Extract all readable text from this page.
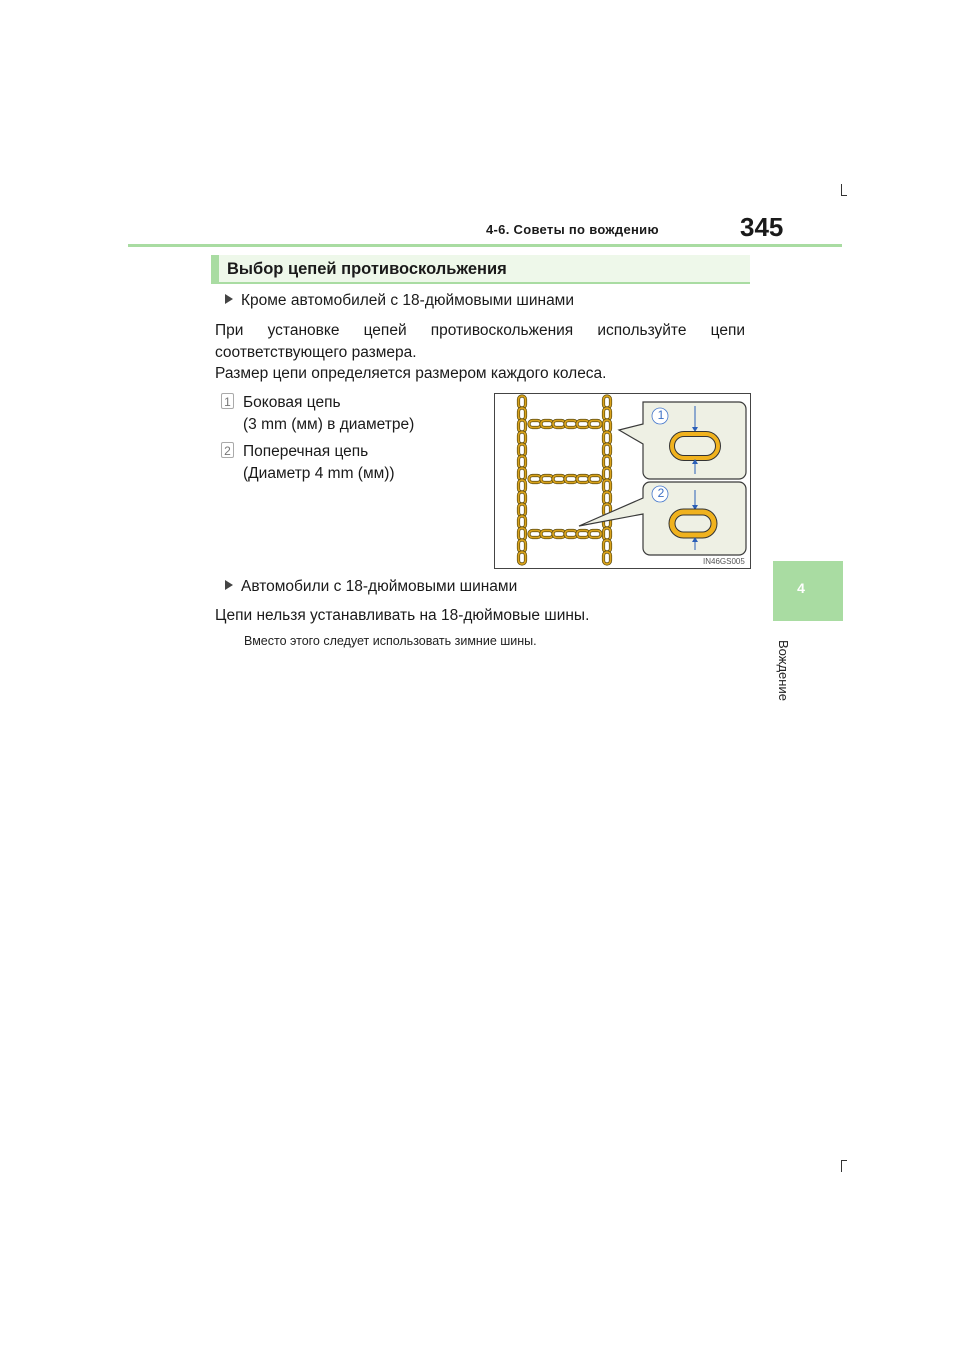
4-6. Советы по вождению	345
4
Вождение
Выбор цепей противоскольжения
Кроме автомобилей с 18-дюймовыми шинами
При установке цепей противоскольжения используйте цепи
соответствующего размера.
Размер цепи определяется размером каждого колеса.
1 Боковая цепь
(3 mm (мм) в диаметре)
2 Поперечная цепь
(Диаметр 4 mm (мм))
1
2
IN46GS005
Автомобили с 18-дюймовыми шинами
Цепи нельзя устанавливать на 18-дюймовые шины.
Вместо этого следует использовать зимние шины.
